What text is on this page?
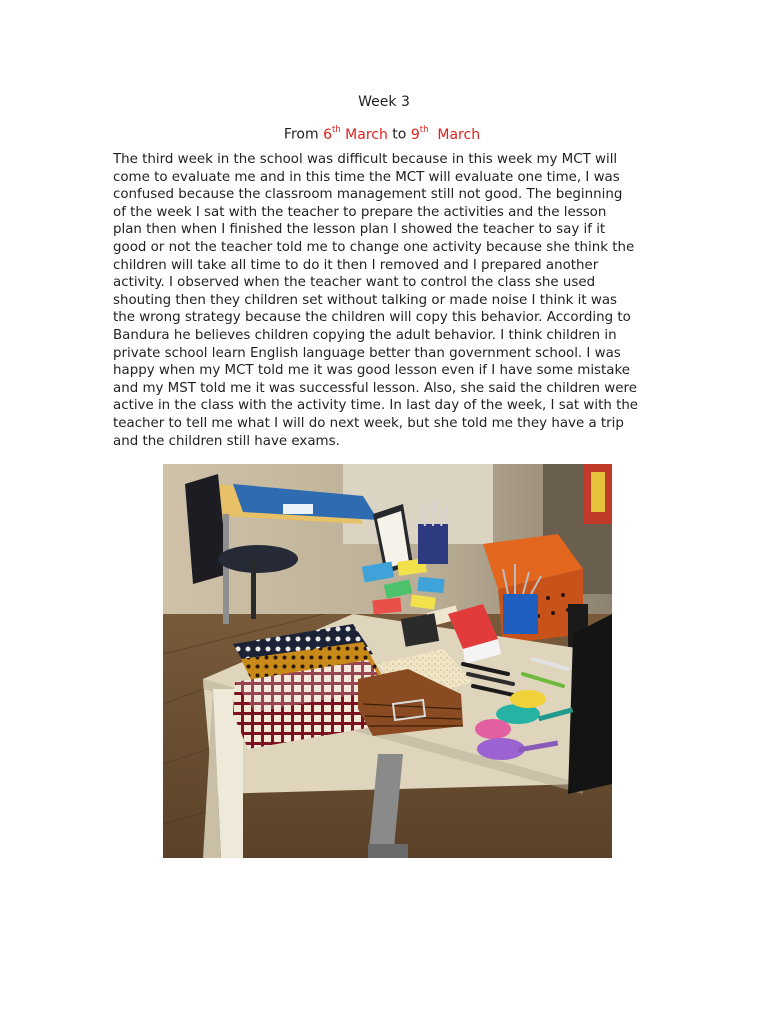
Week 3
From 6th March to 9th  March

The third week in the school was difficult because in this week my MCT will
come to evaluate me and in this time the MCT will evaluate one time, I was
confused because the classroom management still not good. The beginning
of the week I sat with the teacher to prepare the activities and the lesson
plan then when I finished the lesson plan I showed the teacher to say if it
good or not the teacher told me to change one activity because she think the
children will take all time to do it then I removed and I prepared another
activity. I observed when the teacher want to control the class she used
shouting then they children set without talking or made noise I think it was
the wrong strategy because the children will copy this behavior. According to
Bandura he believes children copying the adult behavior. I think children in
private school learn English language better than government school. I was
happy when my MCT told me it was good lesson even if I have some mistake
and my MST told me it was successful lesson. Also, she said the children were
active in the class with the activity time. In last day of the week, I sat with the
teacher to tell me what I will do next week, but she told me they have a trip
and the children still have exams.
